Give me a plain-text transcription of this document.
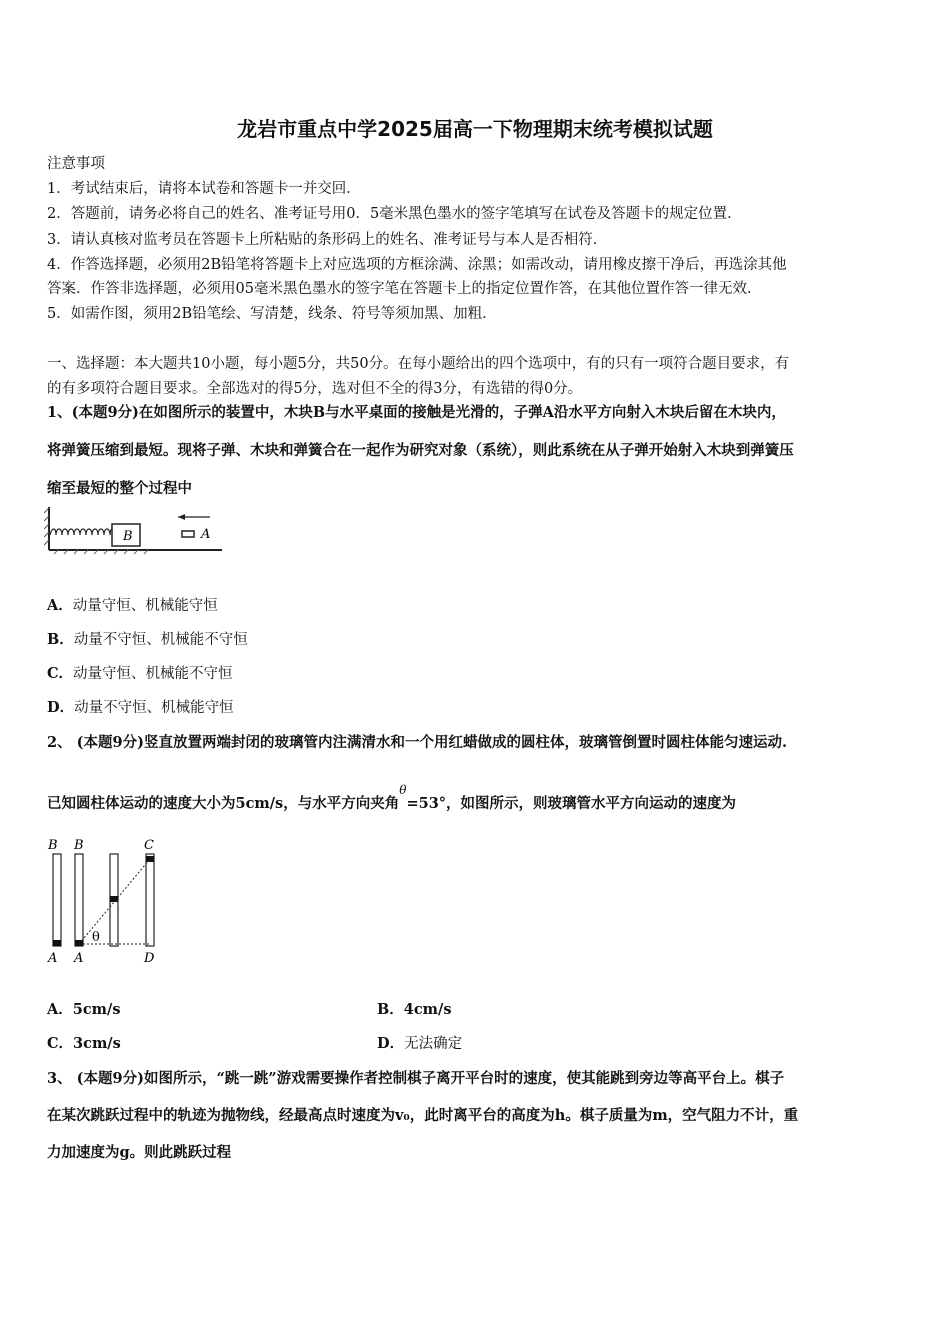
龙岩市重点中学2025届高一下物理期末统考模拟试题
注意事项
1．考试结束后，请将本试卷和答题卡一并交回．
2．答题前，请务必将自己的姓名、准考证号用0．5毫米黑色墨水的签字笔填写在试卷及答题卡的规定位置．
3．请认真核对监考员在答题卡上所粘贴的条形码上的姓名、准考证号与本人是否相符．
4．作答选择题，必须用2B铅笔将答题卡上对应选项的方框涂满、涂黑；如需改动，请用橡皮擦干净后，再选涂其他
答案．作答非选择题，必须用05毫米黑色墨水的签字笔在答题卡上的指定位置作答，在其他位置作答一律无效．
5．如需作图，须用2B铅笔绘、写清楚，线条、符号等须加黑、加粗．
一、选择题：本大题共10小题，每小题5分，共50分。在每小题给出的四个选项中，有的只有一项符合题目要求，有
的有多项符合题目要求。全部选对的得5分，选对但不全的得3分，有选错的得0分。
1、(本题9分)在如图所示的装置中，木块B与水平桌面的接触是光滑的，子弹A沿水平方向射入木块后留在木块内，
将弹簧压缩到最短。现将子弹、木块和弹簧合在一起作为研究对象（系统），则此系统在从子弹开始射入木块到弹簧压
缩至最短的整个过程中
B	A
A．动量守恒、机械能守恒
B．动量不守恒、机械能不守恒
C．动量守恒、机械能不守恒
D．动量不守恒、机械能守恒
2、 (本题9分)竖直放置两端封闭的玻璃管内注满清水和一个用红蜡做成的圆柱体，玻璃管倒置时圆柱体能匀速运动.
已知圆柱体运动的速度大小为5cm/s，与水平方向夹角$^\theta$=53°，如图所示，则玻璃管水平方向运动的速度为
B B	C
θ
A A	D
A．5cm/s	B．4cm/s
C．3cm/s	D．无法确定
3、 (本题9分)如图所示，“跳一跳”游戏需要操作者控制棋子离开平台时的速度，使其能跳到旁边等高平台上。棋子
在某次跳跃过程中的轨迹为抛物线，经最高点时速度为v₀，此时离平台的高度为h。棋子质量为m，空气阻力不计，重
力加速度为g。则此跳跃过程
